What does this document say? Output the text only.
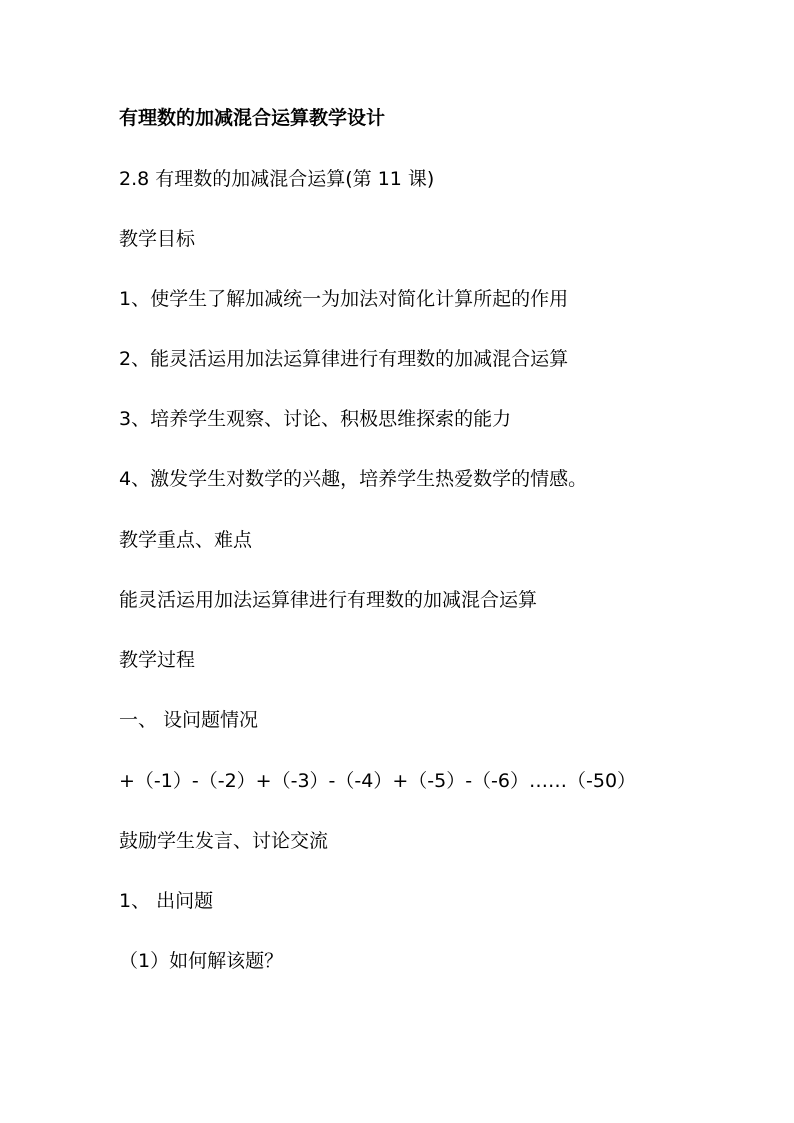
有理数的加减混合运算教学设计
2.8 有理数的加减混合运算(第 11 课)
教学目标
1、使学生了解加减统一为加法对简化计算所起的作用
2、能灵活运用加法运算律进行有理数的加减混合运算
3、培养学生观察、讨论、积极思维探索的能力
4、激发学生对数学的兴趣，培养学生热爱数学的情感。
教学重点、难点
能灵活运用加法运算律进行有理数的加减混合运算
教学过程
一、 设问题情况
+（-1）-（-2）+（-3）-（-4）+（-5）-（-6）……（-50）
鼓励学生发言、讨论交流
1、 出问题
（1）如何解该题？
